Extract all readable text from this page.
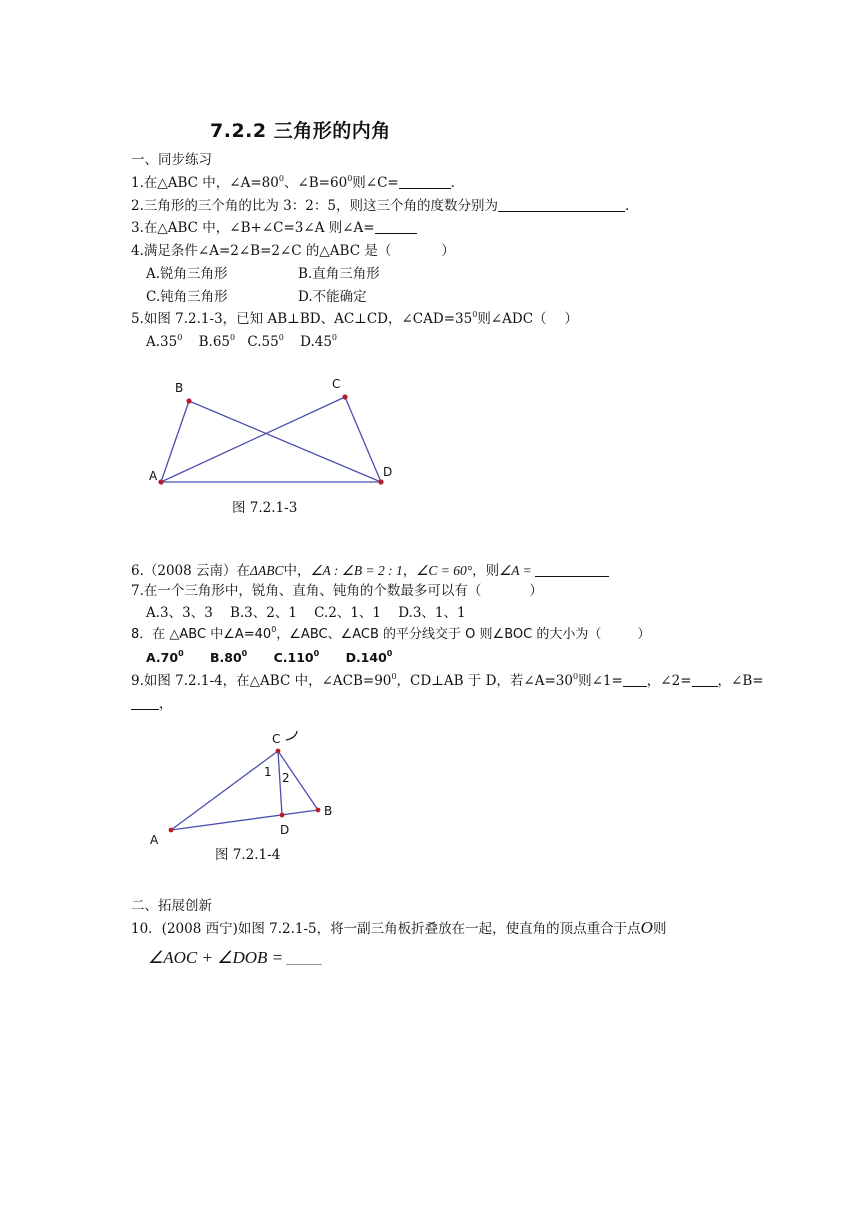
7.2.2 三角形的内角
一、同步练习
1.在△ABC 中，$\angle A=80^0$、$\angle B=60^0$则∠C=	.
2.三角形的三个角的比为 3：2：5，则这三个角的度数分别为	.
3.在△ABC 中，∠B+∠C=3∠A 则∠A=
4.满足条件∠A=2∠B=2∠C 的△ABC 是（	）
A.锐角三角形	B.直角三角形
C.钝角三角形	D.不能确定
5.如图 7.2.1-3，已知 AB⊥BD、AC⊥CD，$\angle CAD=35^0$则∠ADC（ ）
$A.35^0$ $B.65^0$ $C.55^0$ $D.45^0$
A
B	C
D
图 7.2.1-3
6.（2008 云南）在ΔABC中，∠A : ∠B = 2 : 1，∠C = 60°，则∠A =
7.在一个三角形中，锐角、直角、钝角的个数最多可以有（	）
A.3、3、3    B.3、2、1    C.2、1、1    D.3、1、1
8．在 △ABC 中$\angle A=40^0$，∠ABC、∠ACB 的平分线交于 O 则∠BOC 的大小为（	）
$A.70^0$ $B.80^0$ C.110$^0$ D.140$^0$
9.如图 7.2.1-4，在△ABC 中，$\angle ACB=90^0$，CD⊥AB 于 D，若$\angle A=30^0$则∠1= ，∠2= ，∠B=
，
A
C
B
D
1 2
图 7.2.1-4
二、拓展创新
10．(2008 西宁)如图 7.2.1-5，将一副三角板折叠放在一起，使直角的顶点重合于点O则
∠AOC + ∠DOB =
